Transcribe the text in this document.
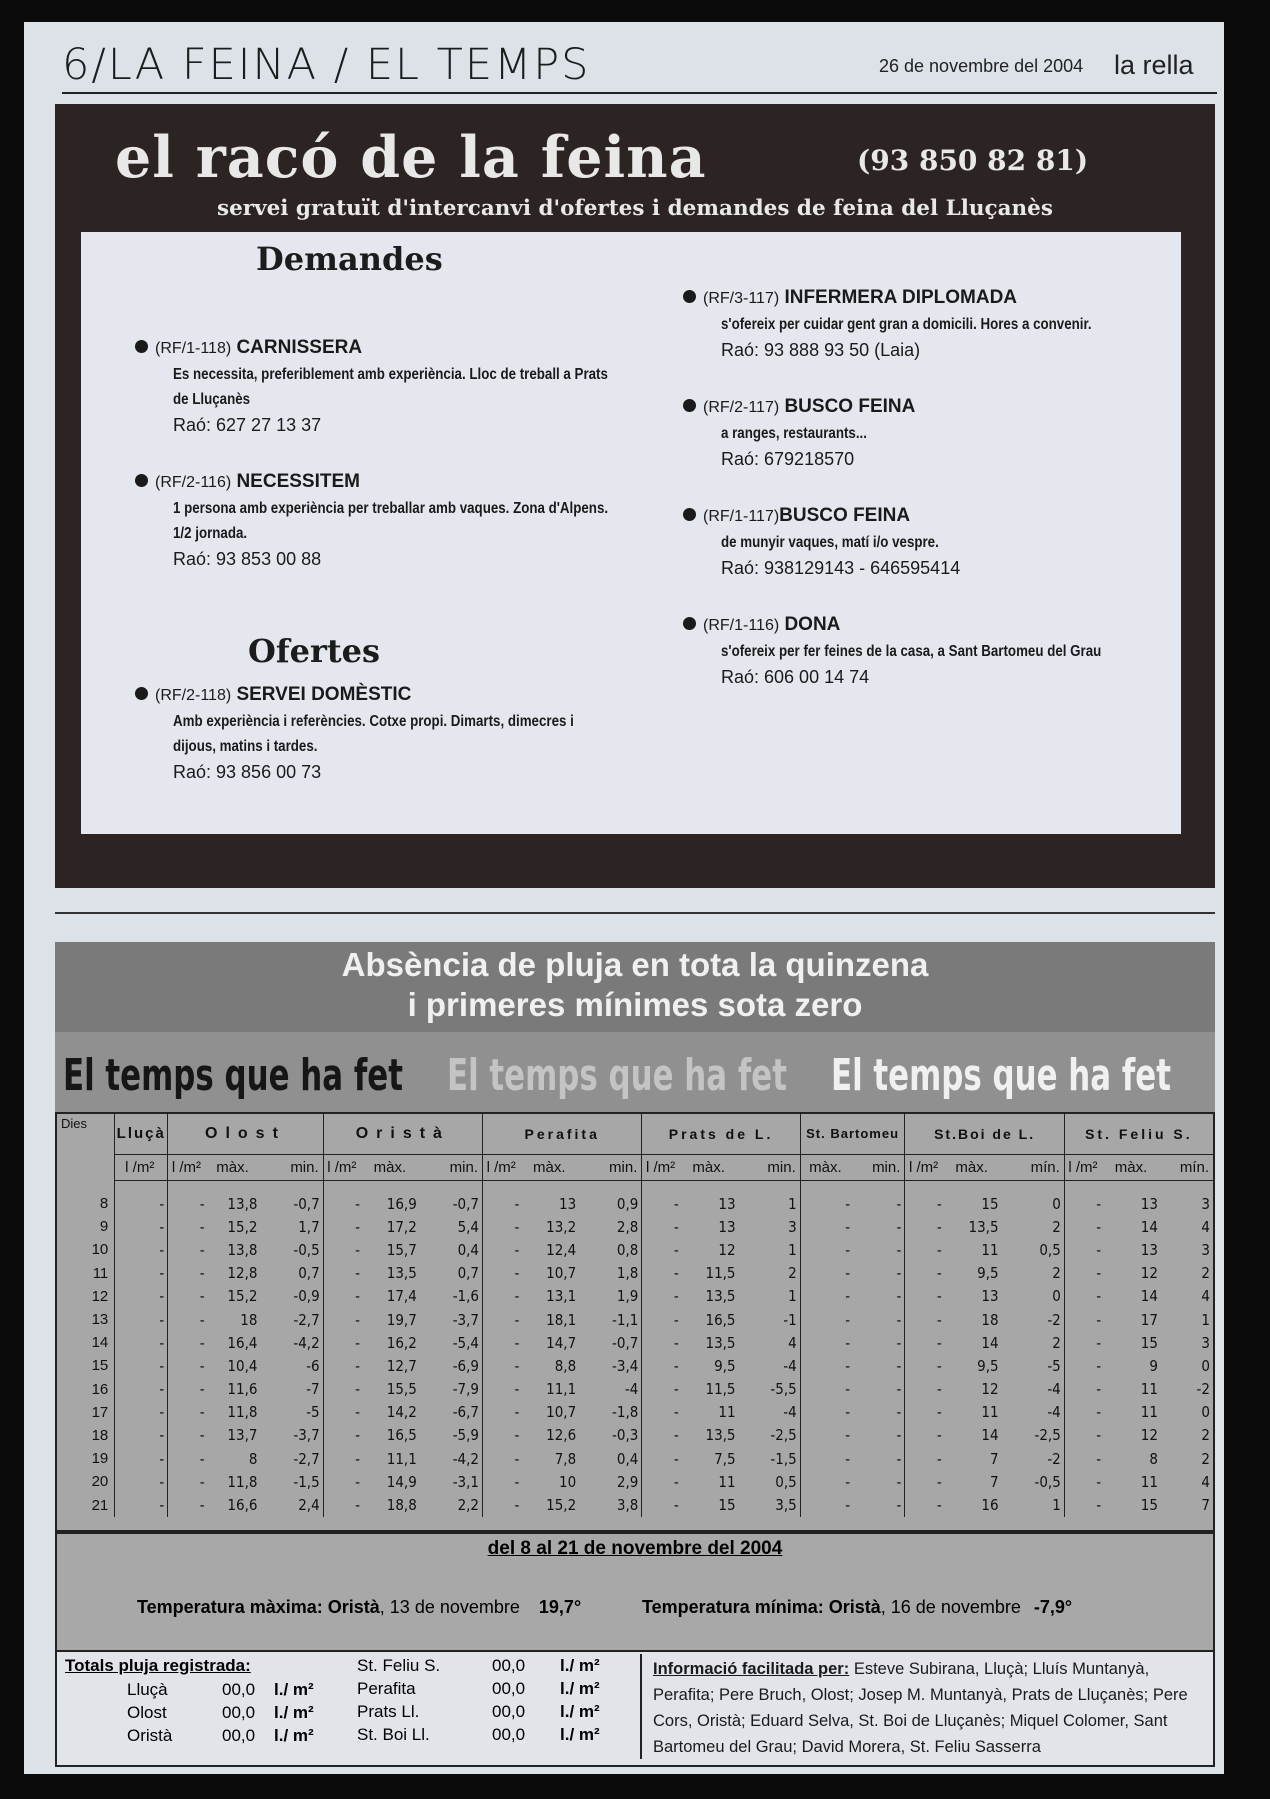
6/LA FEINA / EL TEMPS	26 de novembre del 2004 la rella
el racó de la feina	(93 850 82 81)
servei gratuït d'intercanvi d'ofertes i demandes de feina del Lluçanès
Demandes
(RF/1-118) CARNISSERA
Es necessita, preferiblement amb experiència. Lloc de treball a Prats de Lluçanès
Raó: 627 27 13 37
(RF/2-116) NECESSITEM
1 persona amb experiència per treballar amb vaques. Zona d'Alpens. 1/2 jornada.
Raó: 93 853 00 88
Ofertes
(RF/2-118) SERVEI DOMÈSTIC
Amb experiència i referències. Cotxe propi. Dimarts, dimecres i dijous, matins i tardes.
Raó: 93 856 00 73
(RF/3-117) INFERMERA DIPLOMADA
s'ofereix per cuidar gent gran a domicili. Hores a convenir.
Raó: 93 888 93 50 (Laia)
(RF/2-117) BUSCO FEINA
a ranges, restaurants...
Raó: 679218570
(RF/1-117)BUSCO FEINA
de munyir vaques, matí i/o vespre.
Raó: 938129143 - 646595414
(RF/1-116) DONA
s'ofereix per fer feines de la casa, a Sant Bartomeu del Grau
Raó: 606 00 14 74
Absència de pluja en tota la quinzena
i primeres mínimes sota zero
El temps que ha fet El temps que ha fet El temps que ha fet
Dies	Lluçà	Olost			Oristà			Perafita			Prats de L.			St. Bartomeu		St.Boi de L.			St. Feliu S.		
	l /m²	l /m²	màx.	min.	l /m²	màx.	min.	l /m²	màx.	min.	l /m²	màx.	min.	màx.	min.	l /m²	màx.	mín.	l /m²	màx.	mín.

8	-	-	13,8	-0,7	-	16,9	-0,7	-	13	0,9	-	13	1	-	-	-	15	0	-	13	3
9	-	-	15,2	1,7	-	17,2	5,4	-	13,2	2,8	-	13	3	-	-	-	13,5	2	-	14	4
10	-	-	13,8	-0,5	-	15,7	0,4	-	12,4	0,8	-	12	1	-	-	-	11	0,5	-	13	3
11	-	-	12,8	0,7	-	13,5	0,7	-	10,7	1,8	-	11,5	2	-	-	-	9,5	2	-	12	2
12	-	-	15,2	-0,9	-	17,4	-1,6	-	13,1	1,9	-	13,5	1	-	-	-	13	0	-	14	4
13	-	-	18	-2,7	-	19,7	-3,7	-	18,1	-1,1	-	16,5	-1	-	-	-	18	-2	-	17	1
14	-	-	16,4	-4,2	-	16,2	-5,4	-	14,7	-0,7	-	13,5	4	-	-	-	14	2	-	15	3
15	-	-	10,4	-6	-	12,7	-6,9	-	8,8	-3,4	-	9,5	-4	-	-	-	9,5	-5	-	9	0
16	-	-	11,6	-7	-	15,5	-7,9	-	11,1	-4	-	11,5	-5,5	-	-	-	12	-4	-	11	-2
17	-	-	11,8	-5	-	14,2	-6,7	-	10,7	-1,8	-	11	-4	-	-	-	11	-4	-	11	0
18	-	-	13,7	-3,7	-	16,5	-5,9	-	12,6	-0,3	-	13,5	-2,5	-	-	-	14	-2,5	-	12	2
19	-	-	8	-2,7	-	11,1	-4,2	-	7,8	0,4	-	7,5	-1,5	-	-	-	7	-2	-	8	2
20	-	-	11,8	-1,5	-	14,9	-3,1	-	10	2,9	-	11	0,5	-	-	-	7	-0,5	-	11	4
21	-	-	16,6	2,4	-	18,8	2,2	-	15,2	3,8	-	15	3,5	-	-	-	16	1	-	15	7
del 8 al 21 de novembre del 2004
Temperatura màxima: Oristà, 13 de novembre 19,7°	Temperatura mínima: Oristà, 16 de novembre -7,9°
Totals pluja registrada:
Lluçà	00,0 l./ m²
Olost	00,0 l./ m²
Oristà	00,0 l./ m²
St. Feliu S.	00,0 l./ m²
Perafita	00,0 l./ m²
Prats Ll.	00,0 l./ m²
St. Boi Ll.	00,0 l./ m²
Informació facilitada per: Esteve Subirana, Lluçà; Lluís Muntanyà, Perafita; Pere Bruch, Olost; Josep M. Muntanyà, Prats de Lluçanès; Pere Cors, Oristà; Eduard Selva, St. Boi de Lluçanès; Miquel Colomer, Sant Bartomeu del Grau; David Morera, St. Feliu Sasserra
